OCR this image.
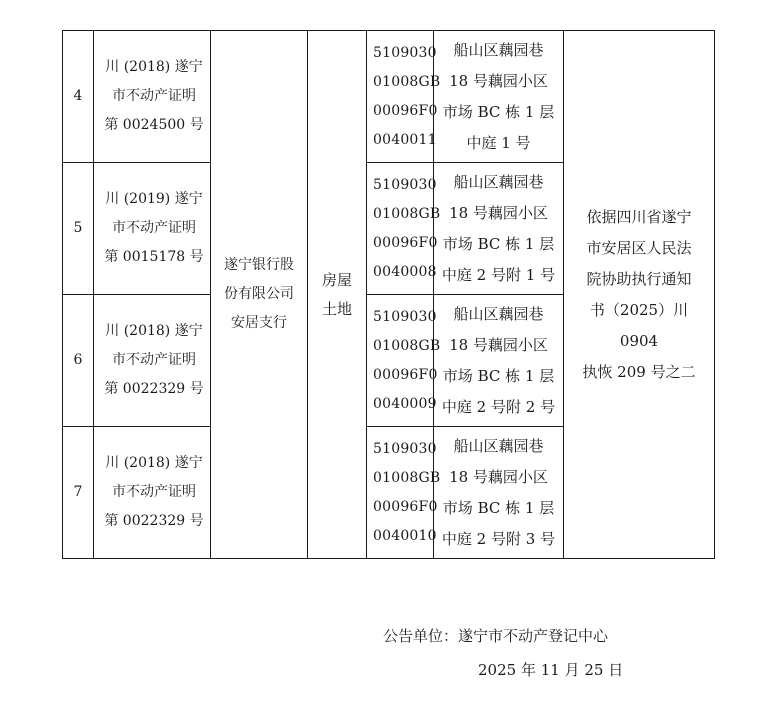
4	川 (2018) 遂宁
市不动产证明
第 0024500 号	遂宁银行股
份有限公司
安居支行	房屋
土地	5109030
01008GB
00096F0
0040011	船山区藕园巷
18 号藕园小区
市场 BC 栋 1 层
中庭 1 号	依据四川省遂宁
市安居区人民法
院协助执行通知
书（2025）川 0904
执恢 209 号之二

5	川 (2019) 遂宁
市不动产证明
第 0015178 号			5109030
01008GB
00096F0
0040008	船山区藕园巷
18 号藕园小区
市场 BC 栋 1 层
中庭 2 号附 1 号	

6	川 (2018) 遂宁
市不动产证明
第 0022329 号			5109030
01008GB
00096F0
0040009	船山区藕园巷
18 号藕园小区
市场 BC 栋 1 层
中庭 2 号附 2 号	

7	川 (2018) 遂宁
市不动产证明
第 0022329 号			5109030
01008GB
00096F0
0040010	船山区藕园巷
18 号藕园小区
市场 BC 栋 1 层
中庭 2 号附 3 号	
公告单位：遂宁市不动产登记中心
2025 年 11 月 25 日
